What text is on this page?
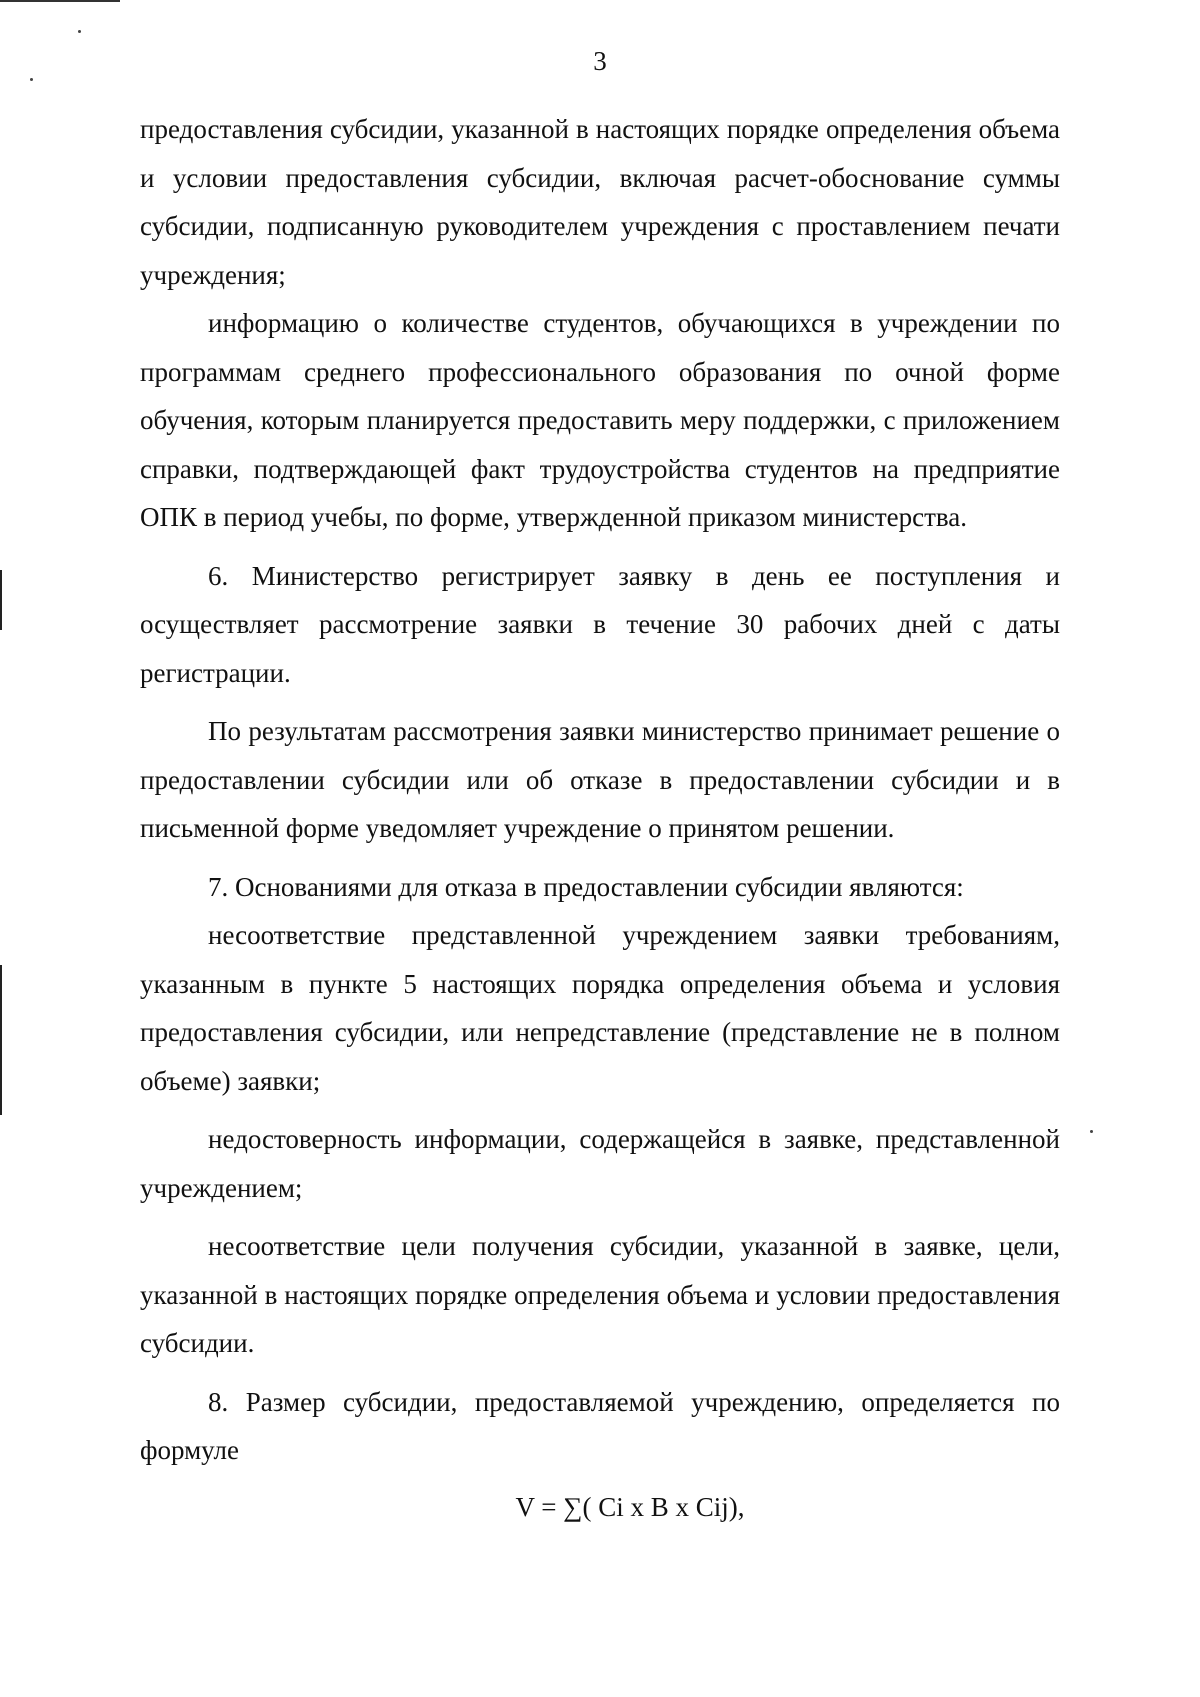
3

предоставления субсидии, указанной в настоящих порядке определения объема и условии предоставления субсидии, включая расчет-обоснование суммы субсидии, подписанную руководителем учреждения с проставлением печати учреждения;

информацию о количестве студентов, обучающихся в учреждении по программам среднего профессионального образования по очной форме обучения, которым планируется предоставить меру поддержки, с приложением справки, подтверждающей факт трудоустройства студентов на предприятие ОПК в период учебы, по форме, утвержденной приказом министерства.

6. Министерство регистрирует заявку в день ее поступления и осуществляет рассмотрение заявки в течение 30 рабочих дней с даты регистрации.

По результатам рассмотрения заявки министерство принимает решение о предоставлении субсидии или об отказе в предоставлении субсидии и в письменной форме уведомляет учреждение о принятом решении.

7. Основаниями для отказа в предоставлении субсидии являются:

несоответствие представленной учреждением заявки требованиям, указанным в пункте 5 настоящих порядка определения объема и условия предоставления субсидии, или непредставление (представление не в полном объеме) заявки;

недостоверность информации, содержащейся в заявке, представленной учреждением;

несоответствие цели получения субсидии, указанной в заявке, цели, указанной в настоящих порядке определения объема и условии предоставления субсидии.

8. Размер субсидии, предоставляемой учреждению, определяется по формуле

V = ∑( Ci x B x Cij),
